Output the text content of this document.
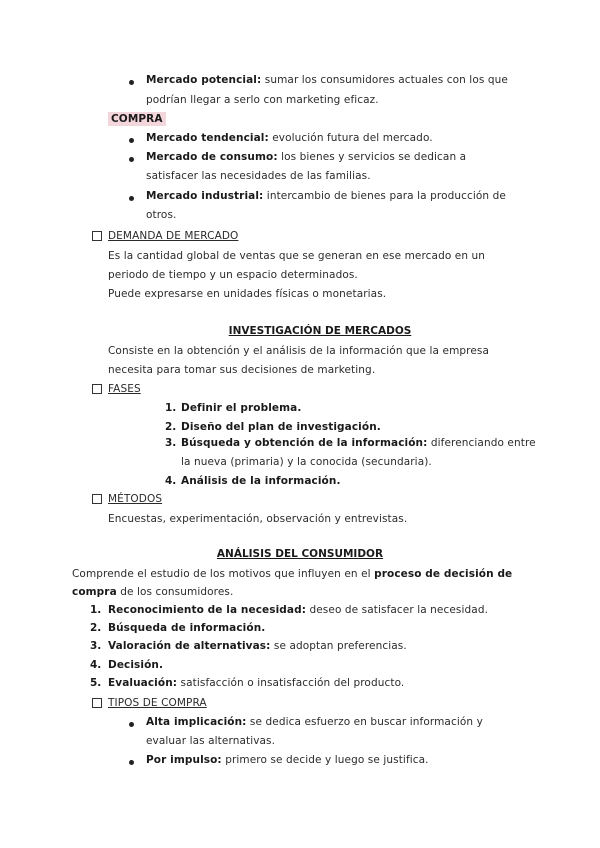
Mercado potencial: sumar los consumidores actuales con los que
podrían llegar a serlo con marketing eficaz.
COMPRA
Mercado tendencial: evolución futura del mercado.
Mercado de consumo: los bienes y servicios se dedican a
satisfacer las necesidades de las familias.
Mercado industrial: intercambio de bienes para la producción de
otros.
DEMANDA DE MERCADO
Es la cantidad global de ventas que se generan en ese mercado en un
periodo de tiempo y un espacio determinados.
Puede expresarse en unidades físicas o monetarias.
INVESTIGACIÓN DE MERCADOS
Consiste en la obtención y el análisis de la información que la empresa
necesita para tomar sus decisiones de marketing.
FASES
1. Definir el problema.
2. Diseño del plan de investigación.
3. Búsqueda y obtención de la información: diferenciando entre
la nueva (primaria) y la conocida (secundaria).
4. Análisis de la información.
MÉTODOS
Encuestas, experimentación, observación y entrevistas.
ANÁLISIS DEL CONSUMIDOR
Comprende el estudio de los motivos que influyen en el proceso de decisión de
compra de los consumidores.
1. Reconocimiento de la necesidad: deseo de satisfacer la necesidad.
2. Búsqueda de información.
3. Valoración de alternativas: se adoptan preferencias.
4. Decisión.
5. Evaluación: satisfacción o insatisfacción del producto.
TIPOS DE COMPRA
Alta implicación: se dedica esfuerzo en buscar información y
evaluar las alternativas.
Por impulso: primero se decide y luego se justifica.
